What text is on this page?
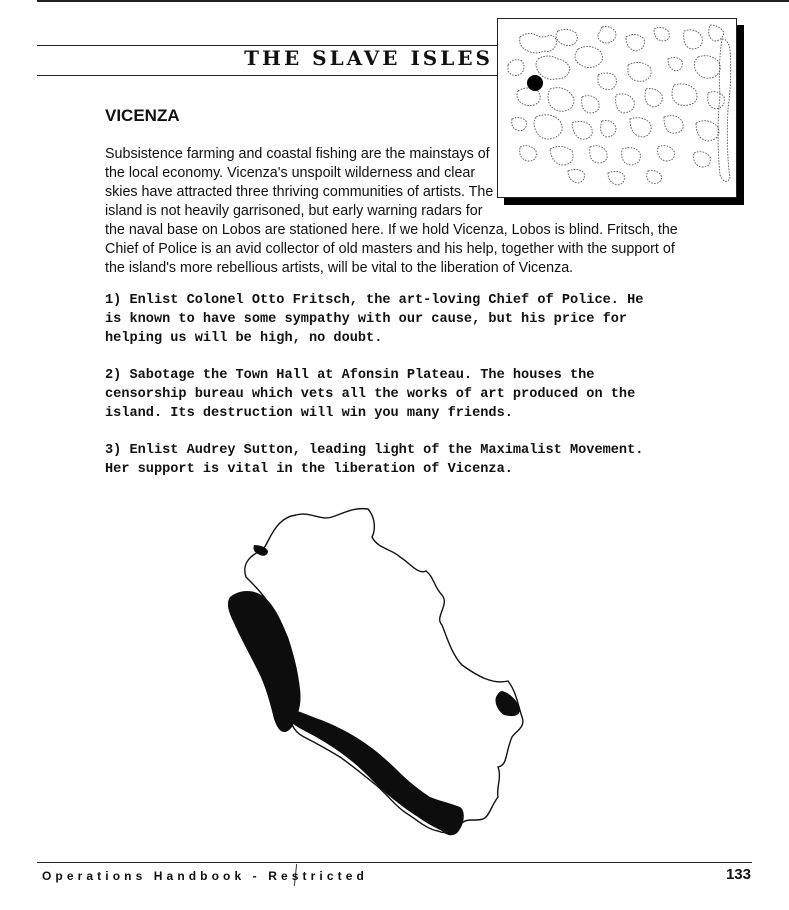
THE SLAVE ISLES
VICENZA

Subsistence farming and coastal fishing are the mainstays of
the local economy. Vicenza's unspoilt wilderness and clear
skies have attracted three thriving communities of artists. The
island is not heavily garrisoned, but early warning radars for
the naval base on Lobos are stationed here. If we hold Vicenza, Lobos is blind. Fritsch, the
Chief of Police is an avid collector of old masters and his help, together with the support of
the island's more rebellious artists, will be vital to the liberation of Vicenza.

1) Enlist Colonel Otto Fritsch, the art-loving Chief of Police. He
is known to have some sympathy with our cause, but his price for
helping us will be high, no doubt.
2) Sabotage the Town Hall at Afonsin Plateau. The houses the
censorship bureau which vets all the works of art produced on the
island. Its destruction will win you many friends.
3) Enlist Audrey Sutton, leading light of the Maximalist Movement.
Her support is vital in the liberation of Vicenza.

Operations Handbook - Restricted	133
